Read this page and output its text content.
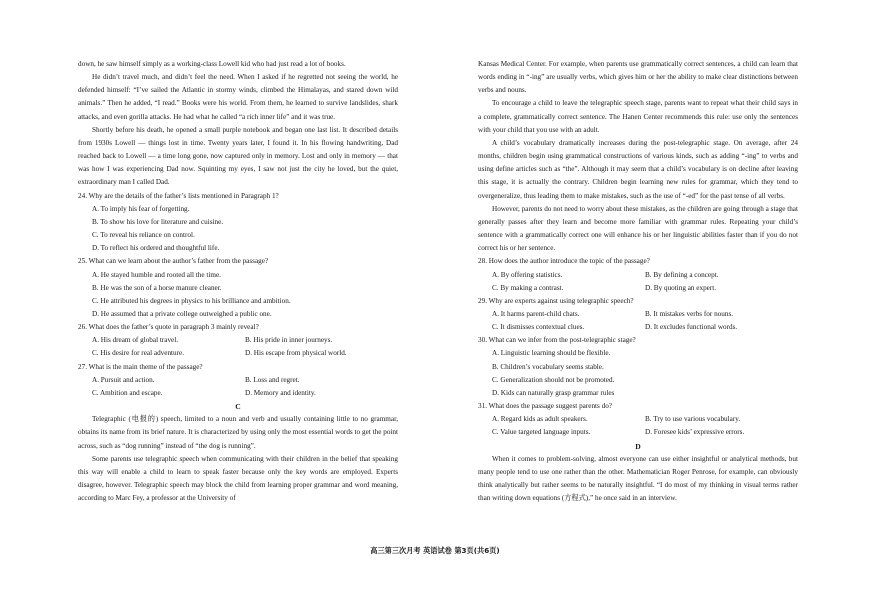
down, he saw himself simply as a working-class Lowell kid who had just read a lot of books.

He didn’t travel much, and didn’t feel the need. When I asked if he regretted not seeing the world, he defended himself: “I’ve sailed the Atlantic in stormy winds, climbed the Himalayas, and stared down wild animals.” Then he added, “I read.” Books were his world. From them, he learned to survive landslides, shark attacks, and even gorilla attacks. He had what he called “a rich inner life” and it was true.

Shortly before his death, he opened a small purple notebook and began one last list. It described details from 1930s Lowell — things lost in time. Twenty years later, I found it. In his flowing handwriting, Dad reached back to Lowell — a time long gone, now captured only in memory. Lost and only in memory — that was how I was experiencing Dad now. Squinting my eyes, I saw not just the city he loved, but the quiet, extraordinary man I called Dad.

24. Why are the details of the father’s lists mentioned in Paragraph 1?

A. To imply his fear of forgetting.

B. To show his love for literature and cuisine.

C. To reveal his reliance on control.

D. To reflect his ordered and thoughtful life.

25. What can we learn about the author’s father from the passage?

A. He stayed humble and rooted all the time.

B. He was the son of a horse manure cleaner.

C. He attributed his degrees in physics to his brilliance and ambition.

D. He assumed that a private college outweighed a public one.

26. What does the father’s quote in paragraph 3 mainly reveal?

A. His dream of global travel.	B. His pride in inner journeys.
C. His desire for real adventure.	D. His escape from physical world.

27. What is the main theme of the passage?

A. Pursuit and action.	B. Loss and regret.
C. Ambition and escape.	D. Memory and identity.

C

Telegraphic (电报的) speech, limited to a noun and verb and usually containing little to no grammar, obtains its name from its brief nature. It is characterized by using only the most essential words to get the point across, such as “dog running” instead of “the dog is running”.

Some parents use telegraphic speech when communicating with their children in the belief that speaking this way will enable a child to learn to speak faster because only the key words are employed. Experts disagree, however. Telegraphic speech may block the child from learning proper grammar and word meaning, according to Marc Fey, a professor at the University of

Kansas Medical Center. For example, when parents use grammatically correct sentences, a child can learn that words ending in “-ing” are usually verbs, which gives him or her the ability to make clear distinctions between verbs and nouns.

To encourage a child to leave the telegraphic speech stage, parents want to repeat what their child says in a complete, grammatically correct sentence. The Hanen Center recommends this rule: use only the sentences with your child that you use with an adult.

A child’s vocabulary dramatically increases during the post-telegraphic stage. On average, after 24 months, children begin using grammatical constructions of various kinds, such as adding “-ing” to verbs and using define articles such as “the”. Although it may seem that a child’s vocabulary is on decline after leaving this stage, it is actually the contrary. Children begin learning new rules for grammar, which they tend to overgeneralize, thus leading them to make mistakes, such as the use of “-ed” for the past tense of all verbs.

However, parents do not need to worry about these mistakes, as the children are going through a stage that generally passes after they learn and become more familiar with grammar rules. Repeating your child’s sentence with a grammatically correct one will enhance his or her linguistic abilities faster than if you do not correct his or her sentence.

28. How does the author introduce the topic of the passage?

A. By offering statistics.	B. By defining a concept.
C. By making a contrast.	D. By quoting an expert.

29. Why are experts against using telegraphic speech?

A. It harms parent-child chats.	B. It mistakes verbs for nouns.
C. It dismisses contextual clues.	D. It excludes functional words.

30. What can we infer from the post-telegraphic stage?

A. Linguistic learning should be flexible.

B. Children’s vocabulary seems stable.

C. Generalization should not be promoted.

D. Kids can naturally grasp grammar rules

31. What does the passage suggest parents do?

A. Regard kids as adult speakers.	B. Try to use various vocabulary.
C. Value targeted language inputs.	D. Foresee kids’ expressive errors.

D

When it comes to problem-solving, almost everyone can use either insightful or analytical methods, but many people tend to use one rather than the other. Mathematician Roger Penrose, for example, can obviously think analytically but rather seems to be naturally insightful. “I do most of my thinking in visual terms rather than writing down equations (方程式),” he once said in an interview.

高三第三次月考 英语试卷 第3页(共6页)
